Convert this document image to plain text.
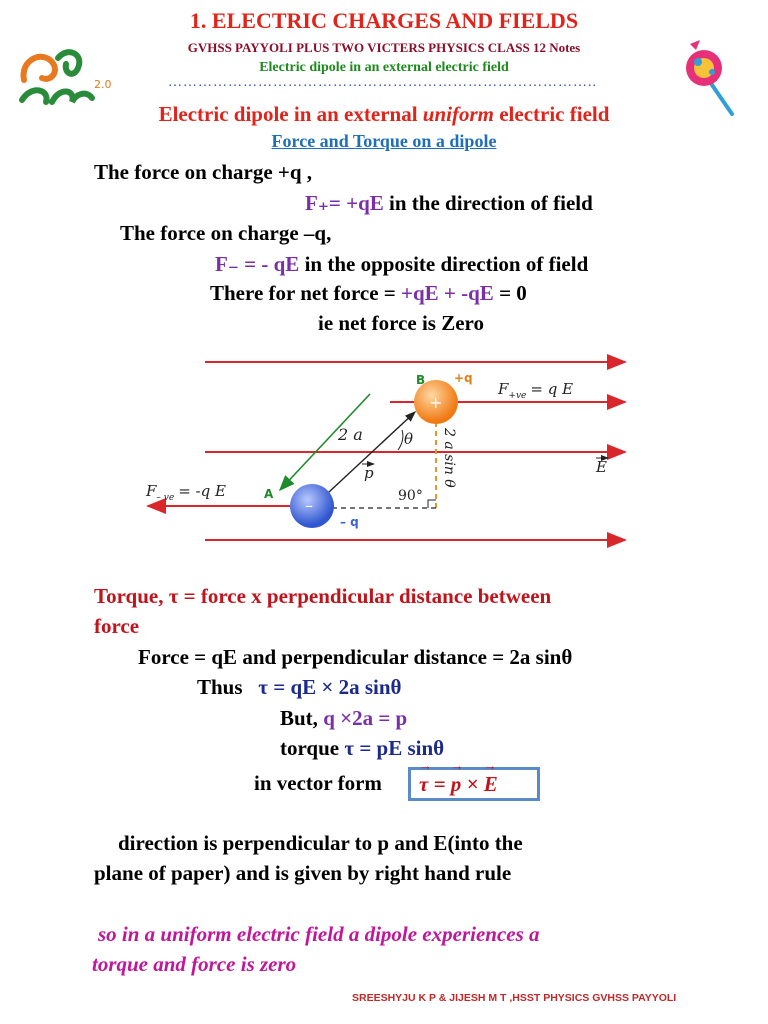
1. ELECTRIC CHARGES AND FIELDS
GVHSS PAYYOLI PLUS TWO VICTERS PHYSICS CLASS 12 Notes
Electric dipole in an external electric field
…………………………………………………………………………..
2.0
Electric dipole in an external uniform electric field
Force and Torque on a dipole
The force on charge +q ,
F₊= +qE in the direction of field
The force on charge –q,
F₋ = - qE in the opposite direction of field
There for net force = +qE + -qE = 0
ie net force is Zero
+
–
B +q
A
– q
2 a	θ
p	2 a sin θ
90°
E
$F_{+ve} = q$ E
$F_{- ve} = -q$ E
Torque, τ = force x perpendicular distance between
force
Force = qE and perpendicular distance = 2a sinθ
Thus τ = qE × 2a sinθ
But, q ×2a = p
torque τ = pE sinθ
in vector form
→ τ = → p × → E
direction is perpendicular to p and E(into the
plane of paper) and is given by right hand rule
so in a uniform electric field a dipole experiences a
torque and force is zero
SREESHYJU K P & JIJESH M T ,HSST PHYSICS GVHSS PAYYOLI
